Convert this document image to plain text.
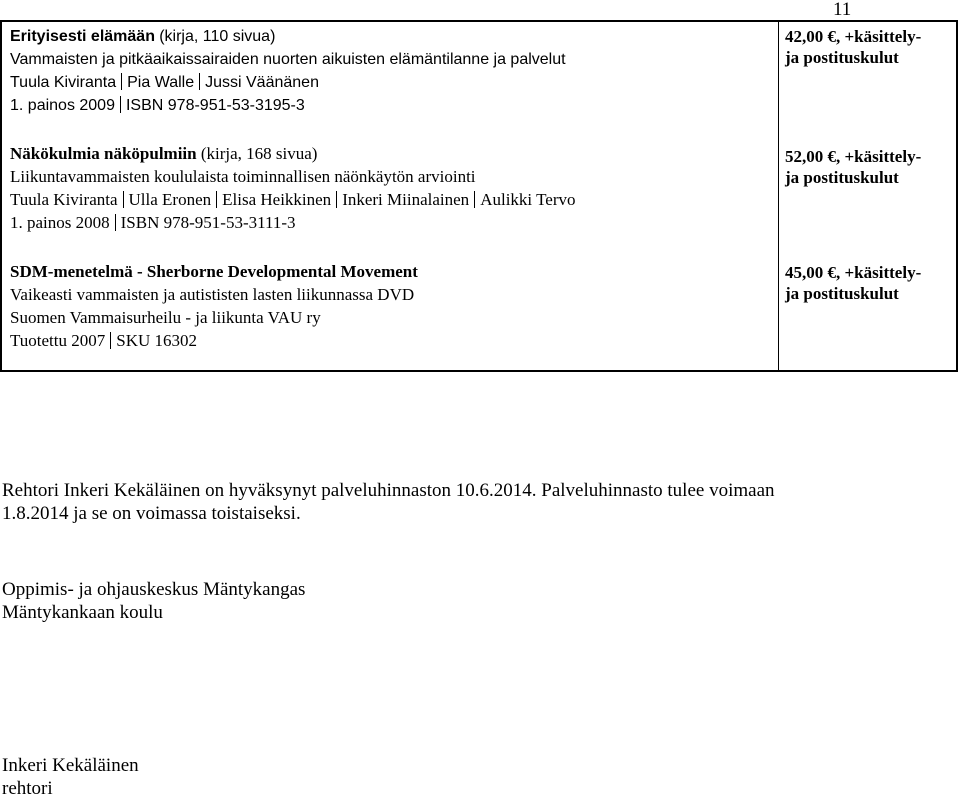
11
Erityisesti elämään (kirja, 110 sivua)
Vammaisten ja pitkäaikaissairaiden nuorten aikuisten elämäntilanne ja palvelut
Tuula Kiviranta Pia Walle Jussi Väänänen
1. painos 2009 ISBN 978-951-53-3195-3
42,00 €, +käsittely-
ja postituskulut
Näkökulmia näköpulmiin (kirja, 168 sivua)
Liikuntavammaisten koululaista toiminnallisen näönkäytön arviointi
Tuula Kiviranta Ulla Eronen Elisa Heikkinen Inkeri Miinalainen Aulikki Tervo
1. painos 2008 ISBN 978-951-53-3111-3
52,00 €, +käsittely-
ja postituskulut
SDM-menetelmä - Sherborne Developmental Movement
Vaikeasti vammaisten ja autististen lasten liikunnassa DVD
Suomen Vammaisurheilu - ja liikunta VAU ry
Tuotettu 2007 SKU 16302
45,00 €, +käsittely-
ja postituskulut
Rehtori Inkeri Kekäläinen on hyväksynyt palveluhinnaston 10.6.2014. Palveluhinnasto tulee voimaan
1.8.2014 ja se on voimassa toistaiseksi.
Oppimis- ja ohjauskeskus Mäntykangas
Mäntykankaan koulu
Inkeri Kekäläinen
rehtori
